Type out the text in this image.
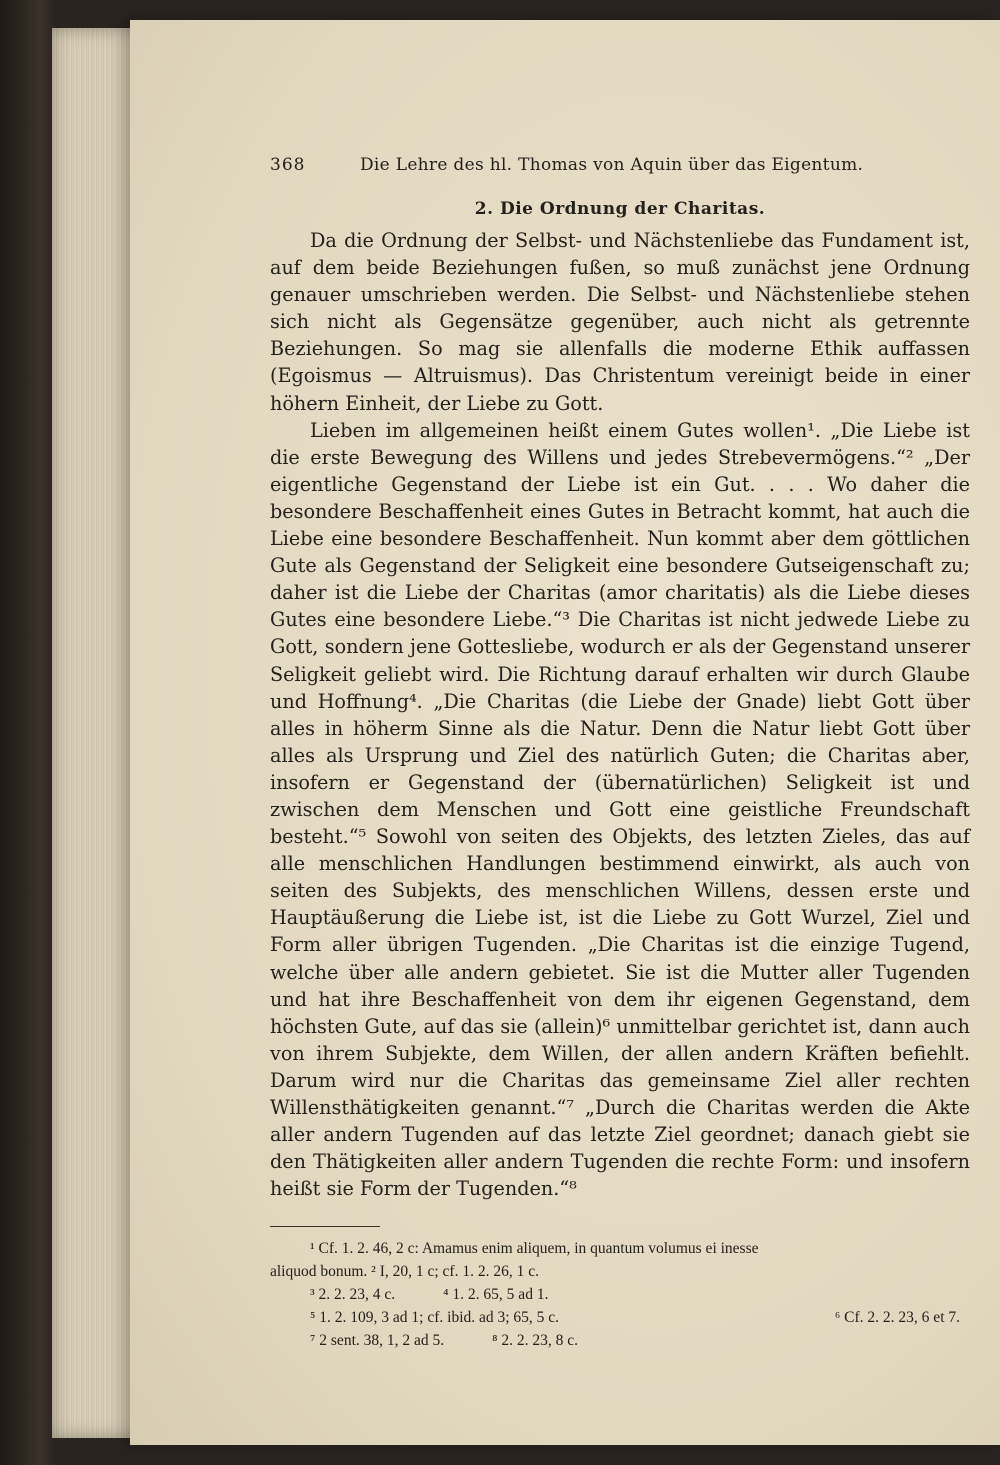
368	Die Lehre des hl. Thomas von Aquin über das Eigentum.
2. Die Ordnung der Charitas.

Da die Ordnung der Selbst- und Nächstenliebe das Fundament ist, auf dem beide Beziehungen fußen, so muß zunächst jene Ordnung genauer umschrieben werden. Die Selbst- und Nächstenliebe stehen sich nicht als Gegensätze gegenüber, auch nicht als getrennte Beziehungen. So mag sie allenfalls die moderne Ethik auffassen (Egoismus — Altruismus). Das Christentum vereinigt beide in einer höhern Einheit, der Liebe zu Gott.

Lieben im allgemeinen heißt einem Gutes wollen¹. „Die Liebe ist die erste Bewegung des Willens und jedes Strebevermögens.“² „Der eigentliche Gegenstand der Liebe ist ein Gut. . . . Wo daher die besondere Beschaffenheit eines Gutes in Betracht kommt, hat auch die Liebe eine besondere Beschaffenheit. Nun kommt aber dem göttlichen Gute als Gegenstand der Seligkeit eine besondere Gutseigenschaft zu; daher ist die Liebe der Charitas (amor charitatis) als die Liebe dieses Gutes eine besondere Liebe.“³ Die Charitas ist nicht jedwede Liebe zu Gott, sondern jene Gottesliebe, wodurch er als der Gegenstand unserer Seligkeit geliebt wird. Die Richtung darauf erhalten wir durch Glaube und Hoffnung⁴. „Die Charitas (die Liebe der Gnade) liebt Gott über alles in höherm Sinne als die Natur. Denn die Natur liebt Gott über alles als Ursprung und Ziel des natürlich Guten; die Charitas aber, insofern er Gegenstand der (übernatürlichen) Seligkeit ist und zwischen dem Menschen und Gott eine geistliche Freundschaft besteht.“⁵ Sowohl von seiten des Objekts, des letzten Zieles, das auf alle menschlichen Handlungen bestimmend einwirkt, als auch von seiten des Subjekts, des menschlichen Willens, dessen erste und Hauptäußerung die Liebe ist, ist die Liebe zu Gott Wurzel, Ziel und Form aller übrigen Tugenden. „Die Charitas ist die einzige Tugend, welche über alle andern gebietet. Sie ist die Mutter aller Tugenden und hat ihre Beschaffenheit von dem ihr eigenen Gegenstand, dem höchsten Gute, auf das sie (allein)⁶ unmittelbar gerichtet ist, dann auch von ihrem Subjekte, dem Willen, der allen andern Kräften befiehlt. Darum wird nur die Charitas das gemeinsame Ziel aller rechten Willensthätigkeiten genannt.“⁷ „Durch die Charitas werden die Akte aller andern Tugenden auf das letzte Ziel geordnet; danach giebt sie den Thätigkeiten aller andern Tugenden die rechte Form: und insofern heißt sie Form der Tugenden.“⁸

¹ Cf. 1. 2. 46, 2 c: Amamus enim aliquem, in quantum volumus ei inesse

aliquod bonum. ² I, 20, 1 c; cf. 1. 2. 26, 1 c.

³ 2. 2. 23, 4 c.	⁴ 1. 2. 65, 5 ad 1.
⁵ 1. 2. 109, 3 ad 1; cf. ibid. ad 3; 65, 5 c.	⁶ Cf. 2. 2. 23, 6 et 7.
⁷ 2 sent. 38, 1, 2 ad 5.	⁸ 2. 2. 23, 8 c.
